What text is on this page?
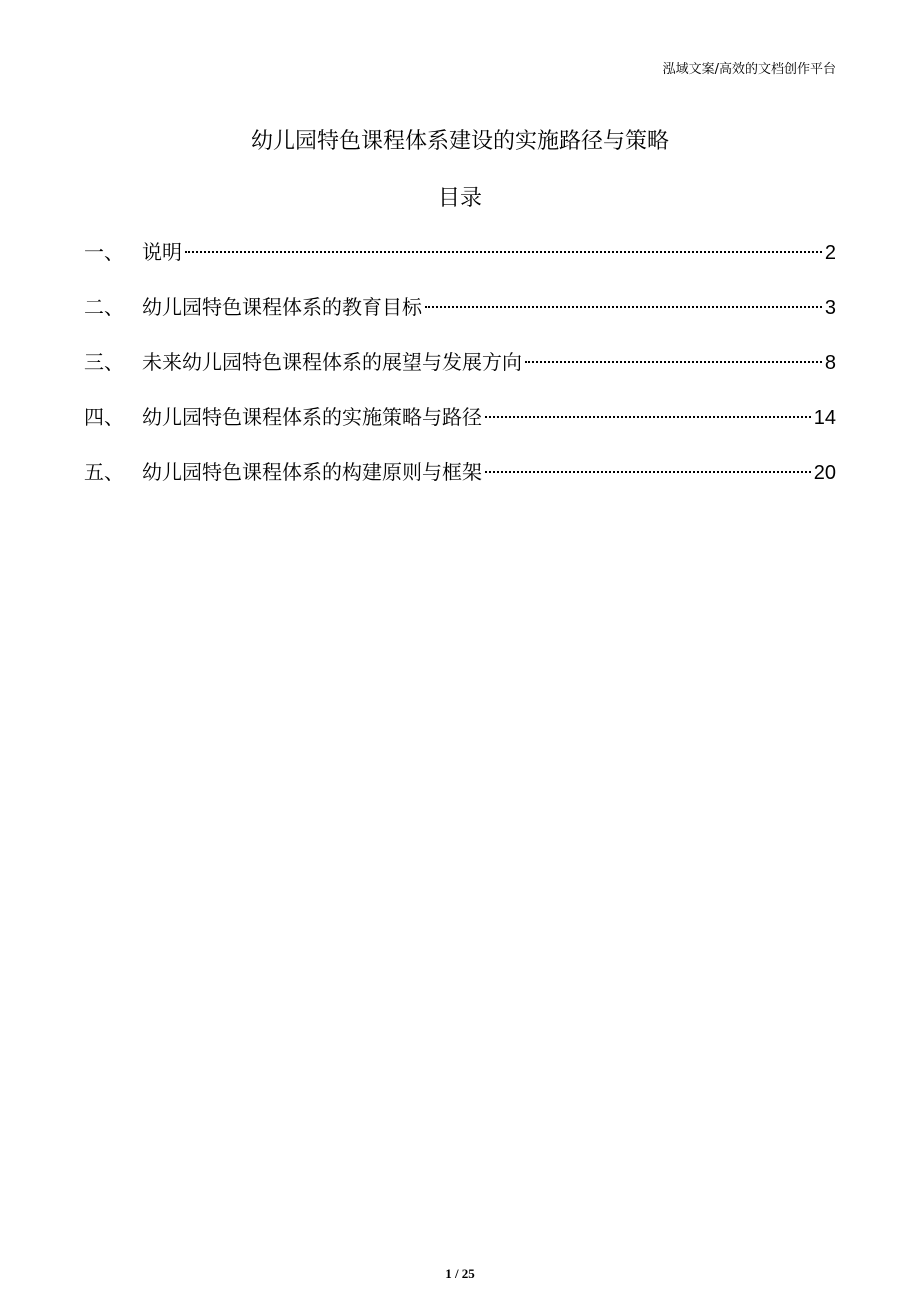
泓域文案/高效的文档创作平台
幼儿园特色课程体系建设的实施路径与策略
目录
一、 说明	2
二、 幼儿园特色课程体系的教育目标	3
三、 未来幼儿园特色课程体系的展望与发展方向	8
四、 幼儿园特色课程体系的实施策略与路径	14
五、 幼儿园特色课程体系的构建原则与框架	20
1 / 25
